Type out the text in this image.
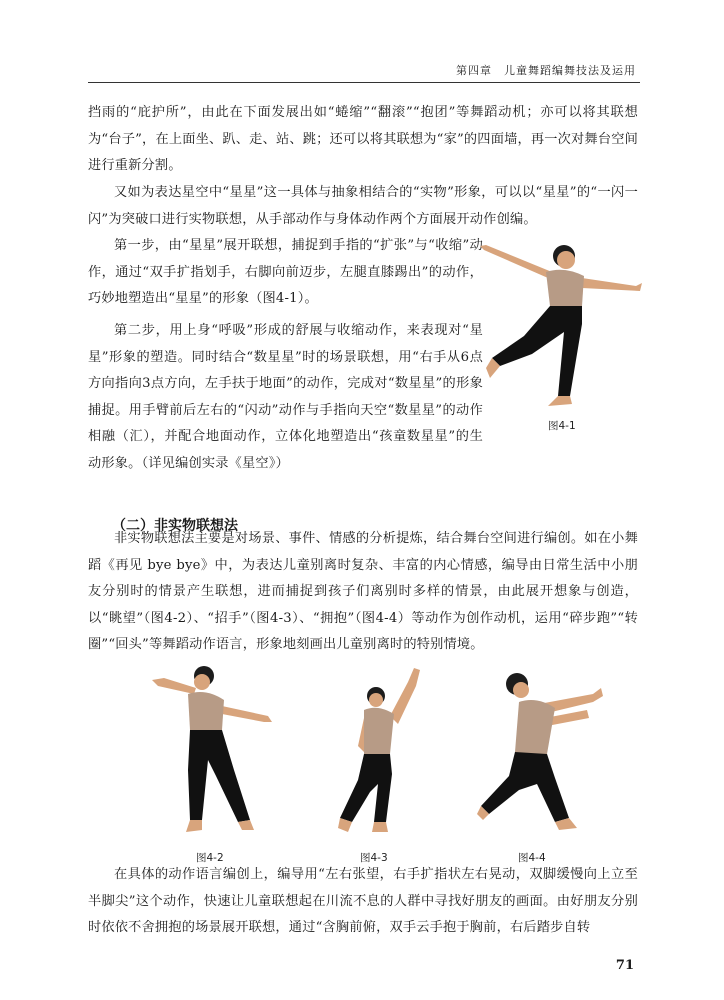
第四章　儿童舞蹈编舞技法及运用

挡雨的“庇护所”，由此在下面发展出如“蜷缩”“翻滚”“抱团”等舞蹈动机；亦可以将其联想为“台子”，在上面坐、趴、走、站、跳；还可以将其联想为“家”的四面墙，再一次对舞台空间进行重新分割。

又如为表达星空中“星星”这一具体与抽象相结合的“实物”形象，可以以“星星”的“一闪一闪”为突破口进行实物联想，从手部动作与身体动作两个方面展开动作创编。

第一步，由“星星”展开联想，捕捉到手指的“扩张”与“收缩”动作，通过“双手扩指划手，右脚向前迈步，左腿直膝踢出”的动作，巧妙地塑造出“星星”的形象（图4-1）。

第二步，用上身“呼吸”形成的舒展与收缩动作，来表现对“星星”形象的塑造。同时结合“数星星”时的场景联想，用“右手从6点方向指向3点方向，左手扶于地面”的动作，完成对“数星星”的形象捕捉。用手臂前后左右的“闪动”动作与手指向天空“数星星”的动作相融（汇），并配合地面动作，立体化地塑造出“孩童数星星”的生动形象。（详见编创实录《星空》）

图4-1
（二）非实物联想法

非实物联想法主要是对场景、事件、情感的分析提炼，结合舞台空间进行编创。如在小舞蹈《再见 bye bye》中，为表达儿童别离时复杂、丰富的内心情感，编导由日常生活中小朋友分别时的情景产生联想，进而捕捉到孩子们离别时多样的情景，由此展开想象与创造，以“眺望”（图4-2）、“招手”（图4-3）、“拥抱”（图4-4）等动作为创作动机，运用“碎步跑”“转圈”“回头”等舞蹈动作语言，形象地刻画出儿童别离时的特别情境。

图4-2	图4-3	图4-4

在具体的动作语言编创上，编导用“左右张望，右手扩指状左右晃动，双脚缓慢向上立至半脚尖”这个动作，快速让儿童联想起在川流不息的人群中寻找好朋友的画面。由好朋友分别时依依不舍拥抱的场景展开联想，通过“含胸前俯，双手云手抱于胸前，右后踏步自转

71
